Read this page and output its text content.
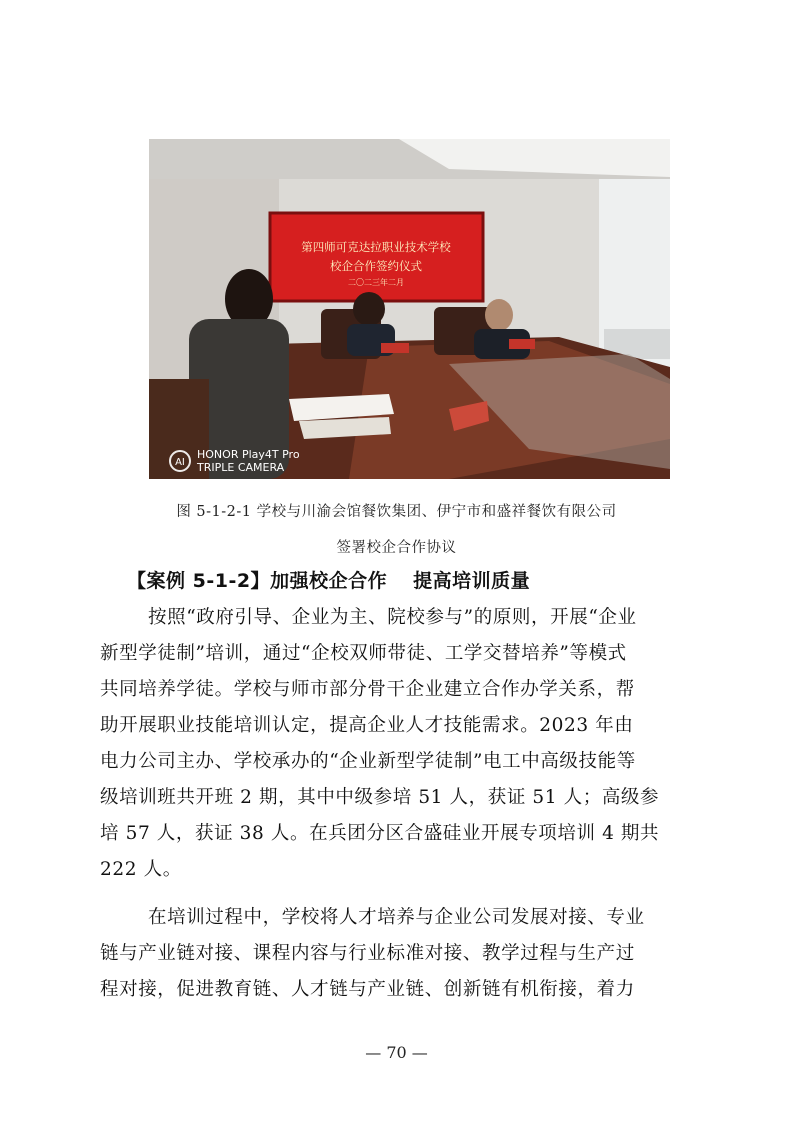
第四师可克达拉职业技术学校
校企合作签约仪式
二〇二三年二月
AI
HONOR Play4T Pro
TRIPLE CAMERA
图 5-1-2-1 学校与川渝会馆餐饮集团、伊宁市和盛祥餐饮有限公司
签署校企合作协议
【案例 5-1-2】加强校企合作 提高培训质量
按照“政府引导、企业为主、院校参与”的原则，开展“企业
新型学徒制”培训，通过“企校双师带徒、工学交替培养”等模式
共同培养学徒。学校与师市部分骨干企业建立合作办学关系，帮
助开展职业技能培训认定，提高企业人才技能需求。2023 年由
电力公司主办、学校承办的“企业新型学徒制”电工中高级技能等
级培训班共开班 2 期，其中中级参培 51 人，获证 51 人；高级参
培 57 人，获证 38 人。在兵团分区合盛硅业开展专项培训 4 期共
222 人。
在培训过程中，学校将人才培养与企业公司发展对接、专业
链与产业链对接、课程内容与行业标准对接、教学过程与生产过
程对接，促进教育链、人才链与产业链、创新链有机衔接，着力
— 70 —
